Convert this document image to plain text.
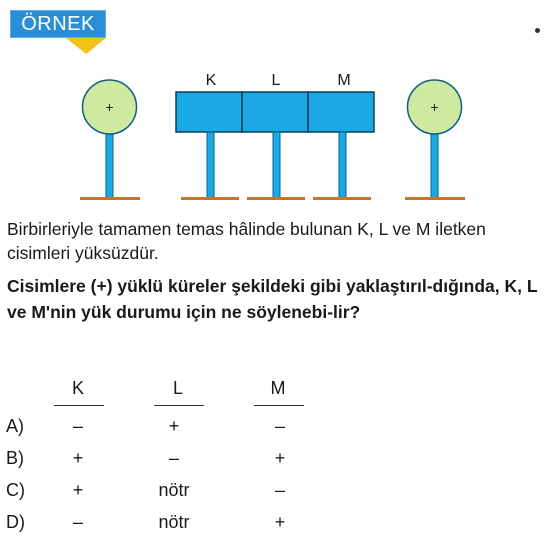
ÖRNEK
+
K	L	M
+
Birbirleriyle tamamen temas hâlinde bulunan K, L ve M iletken cisimleri yüksüzdür.
Cisimlere (+) yüklü küreler şekildeki gibi yaklaştırıl-dığında, K, L ve M'nin yük durumu için ne söylenebi-lir?
K	L	M
A)	–	+	–
B)	+	–	+
C)	+	nötr	–
D)	–	nötr	+
